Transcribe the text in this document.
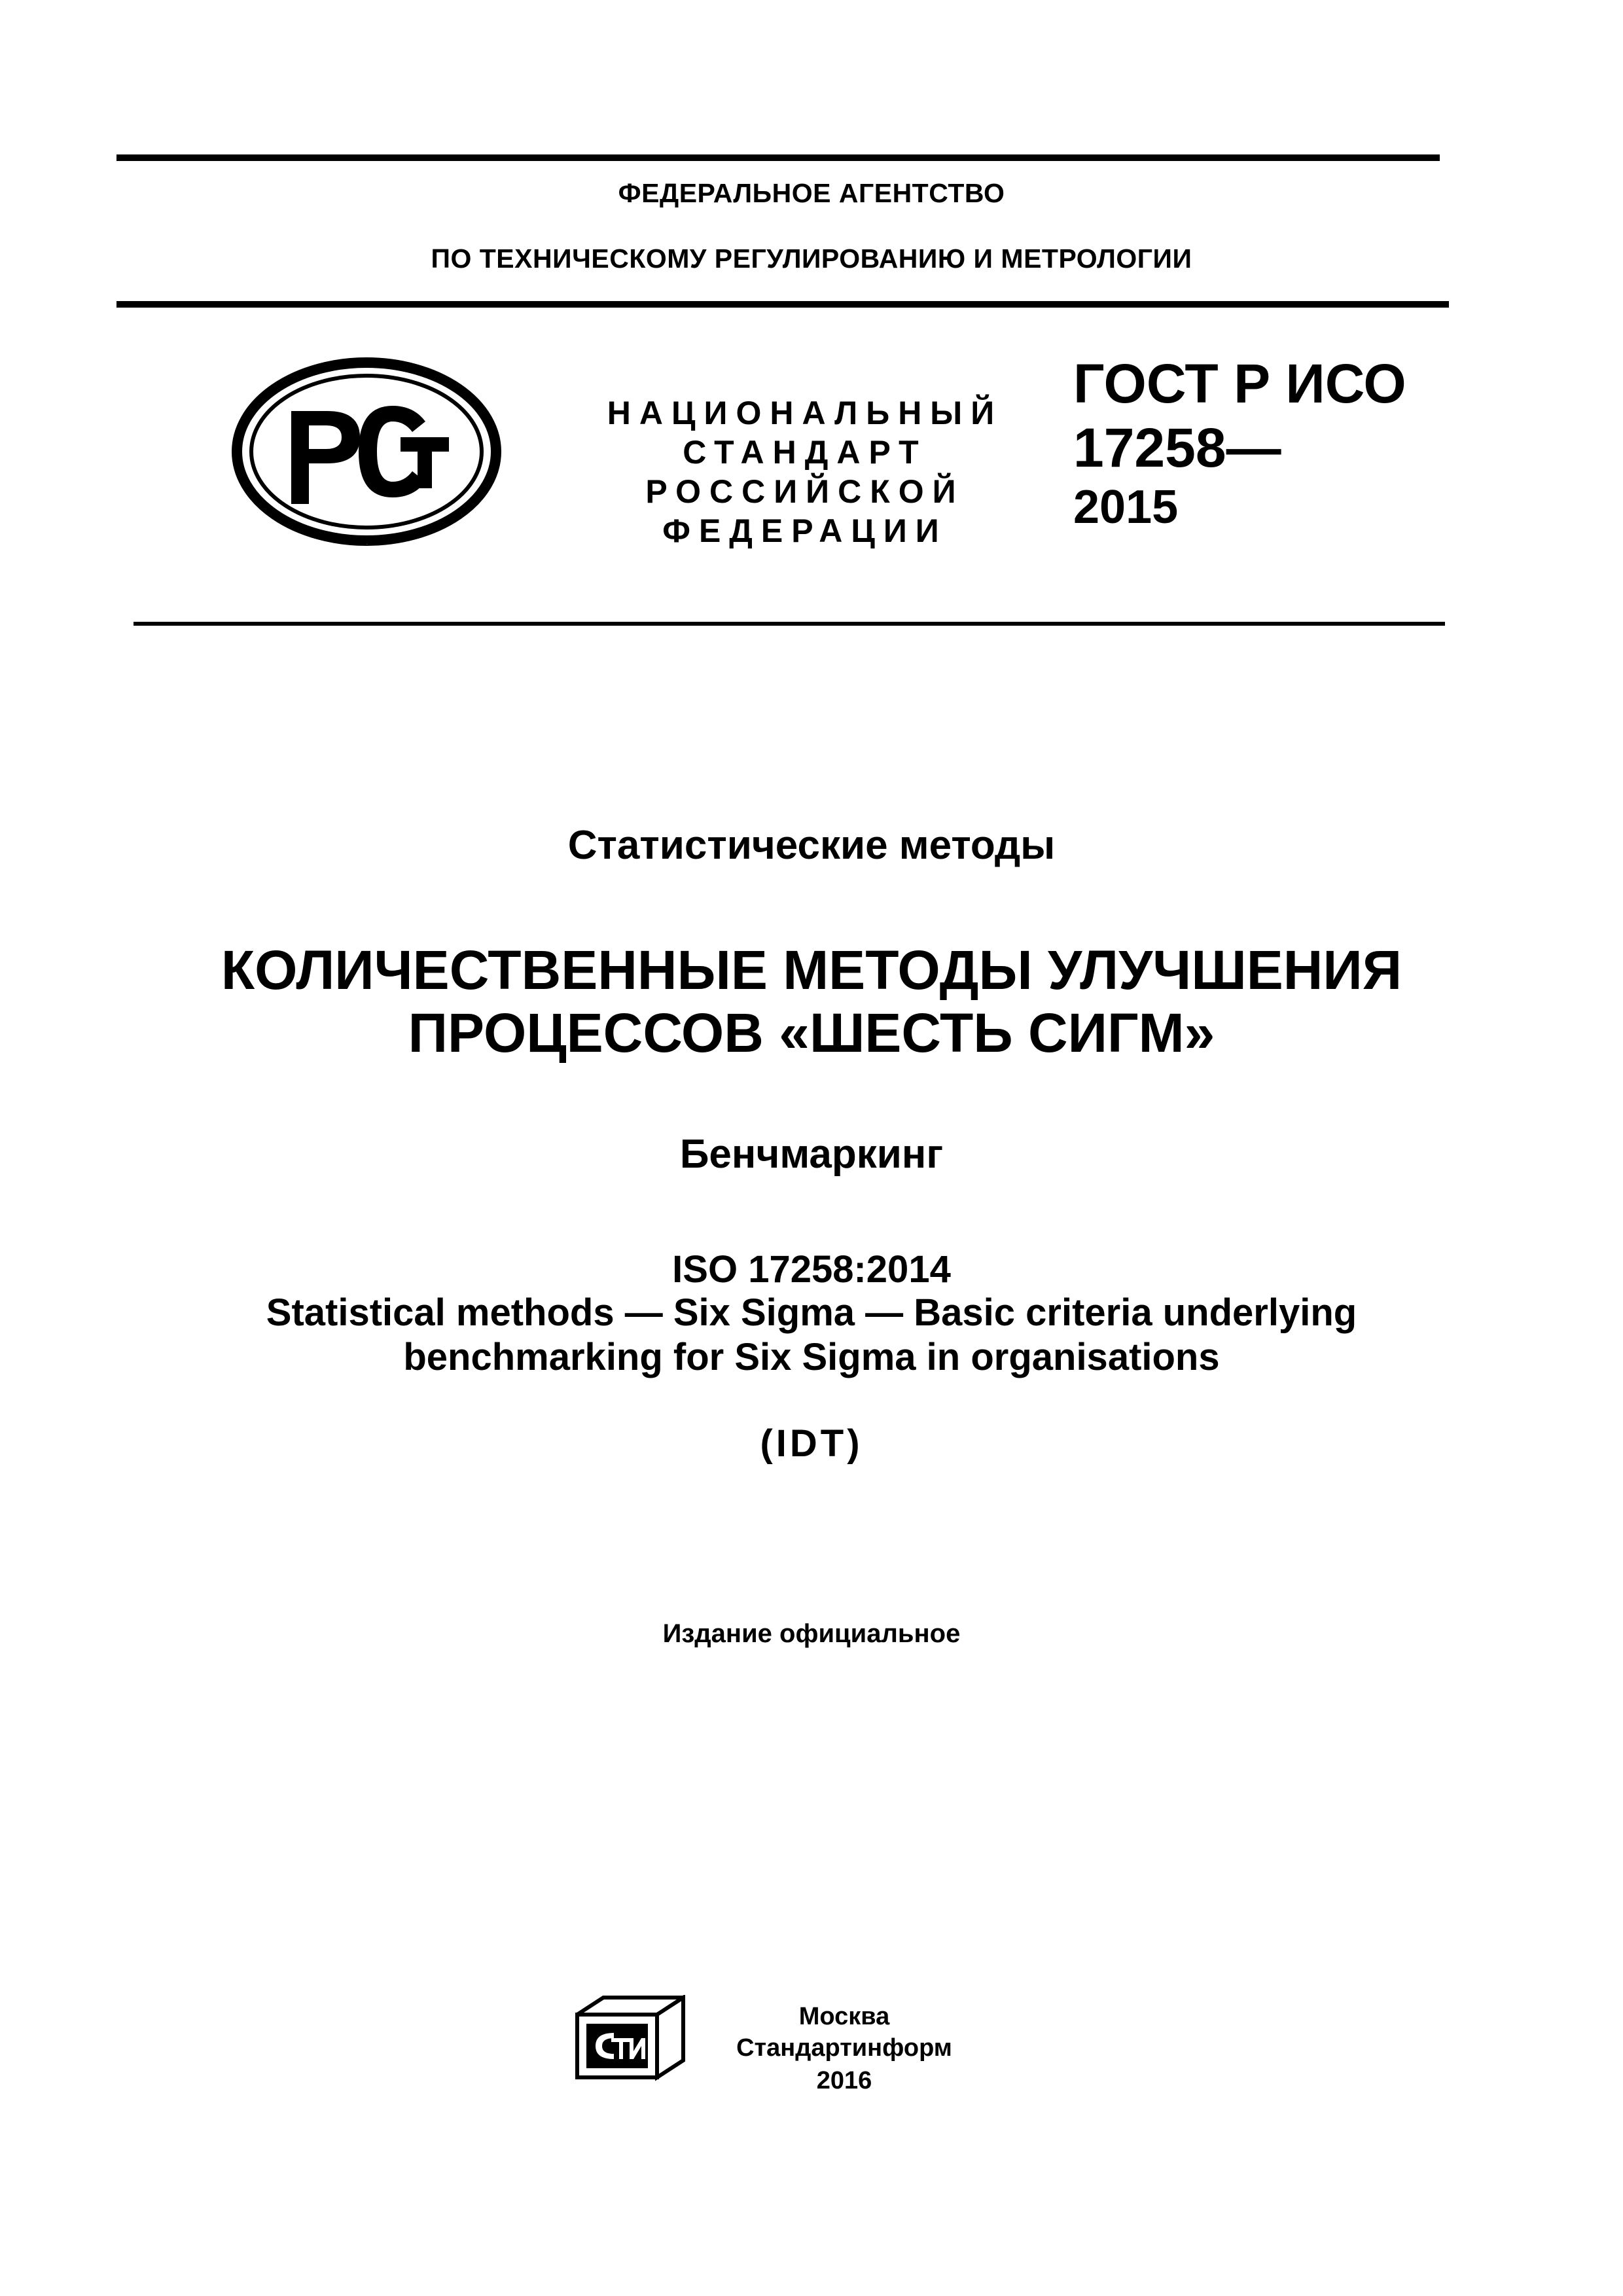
ФЕДЕРАЛЬНОЕ АГЕНТСТВО
ПО ТЕХНИЧЕСКОМУ РЕГУЛИРОВАНИЮ И МЕТРОЛОГИИ
РСТ
НАЦИОНАЛЬНЫЙ
СТАНДАРТ
РОССИЙСКОЙ
ФЕДЕРАЦИИ
ГОСТ Р ИСО
17258—
2015
Статистические методы
КОЛИЧЕСТВЕННЫЕ МЕТОДЫ УЛУЧШЕНИЯ
ПРОЦЕССОВ «ШЕСТЬ СИГМ»
Бенчмаркинг
ISO 17258:2014
Statistical methods — Six Sigma — Basic criteria underlying
benchmarking for Six Sigma in organisations
(IDT)
Издание официальное
СТИ
Москва
Стандартинформ
2016
